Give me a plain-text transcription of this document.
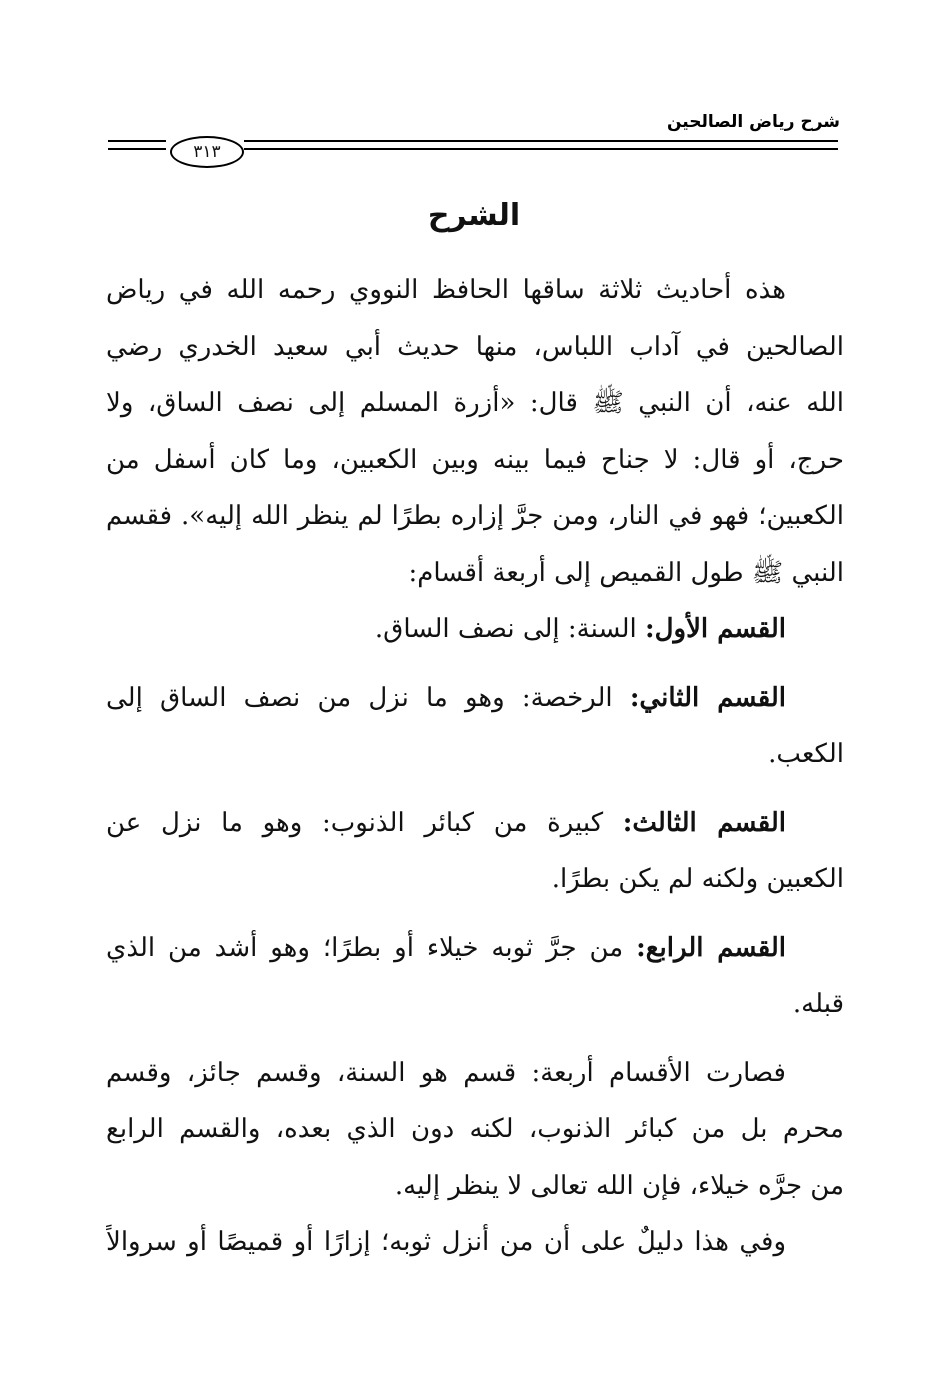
شرح رياض الصالحين
٣١٣
الشرح
هذه أحاديث ثلاثة ساقها الحافظ النووي رحمه الله في رياض
الصالحين في آداب اللباس، منها حديث أبي سعيد الخدري رضي
الله عنه، أن النبي ﷺ قال: «أزرة المسلم إلى نصف الساق، ولا
حرج، أو قال: لا جناح فيما بينه وبين الكعبين، وما كان أسفل من
الكعبين؛ فهو في النار، ومن جرَّ إزاره بطرًا لم ينظر الله إليه». فقسم
النبي ﷺ طول القميص إلى أربعة أقسام:
القسم الأول: السنة: إلى نصف الساق.
القسم الثاني: الرخصة: وهو ما نزل من نصف الساق إلى
الكعب.
القسم الثالث: كبيرة من كبائر الذنوب: وهو ما نزل عن
الكعبين ولكنه لم يكن بطرًا.
القسم الرابع: من جرَّ ثوبه خيلاء أو بطرًا؛ وهو أشد من الذي
قبله.
فصارت الأقسام أربعة: قسم هو السنة، وقسم جائز، وقسم
محرم بل من كبائر الذنوب، لكنه دون الذي بعده، والقسم الرابع
من جرَّه خيلاء، فإن الله تعالى لا ينظر إليه.
وفي هذا دليلٌ على أن من أنزل ثوبه؛ إزارًا أو قميصًا أو سروالاً
